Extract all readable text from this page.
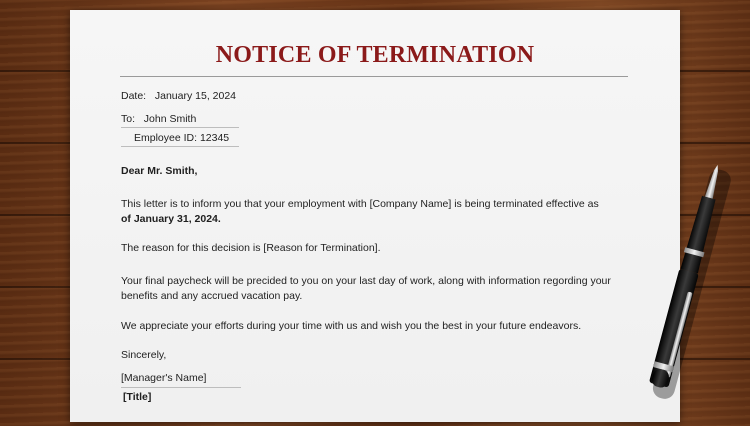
NOTICE OF TERMINATION
Date: January 15, 2024
To: John Smith
Employee ID: 12345
Dear Mr. Smith,
This letter is to inform you that your employment with [Company Name] is being terminated effective as
of January 31, 2024.
The reason for this decision is [Reason for Termination].
Your final paycheck will be precided to you on your last day of work, along with information regording your
benefits and any accrued vacation pay.
We appreciate your efforts during your time with us and wish you the best in your future endeavors.
Sincerely,
[Manager's Name]
[Title]
